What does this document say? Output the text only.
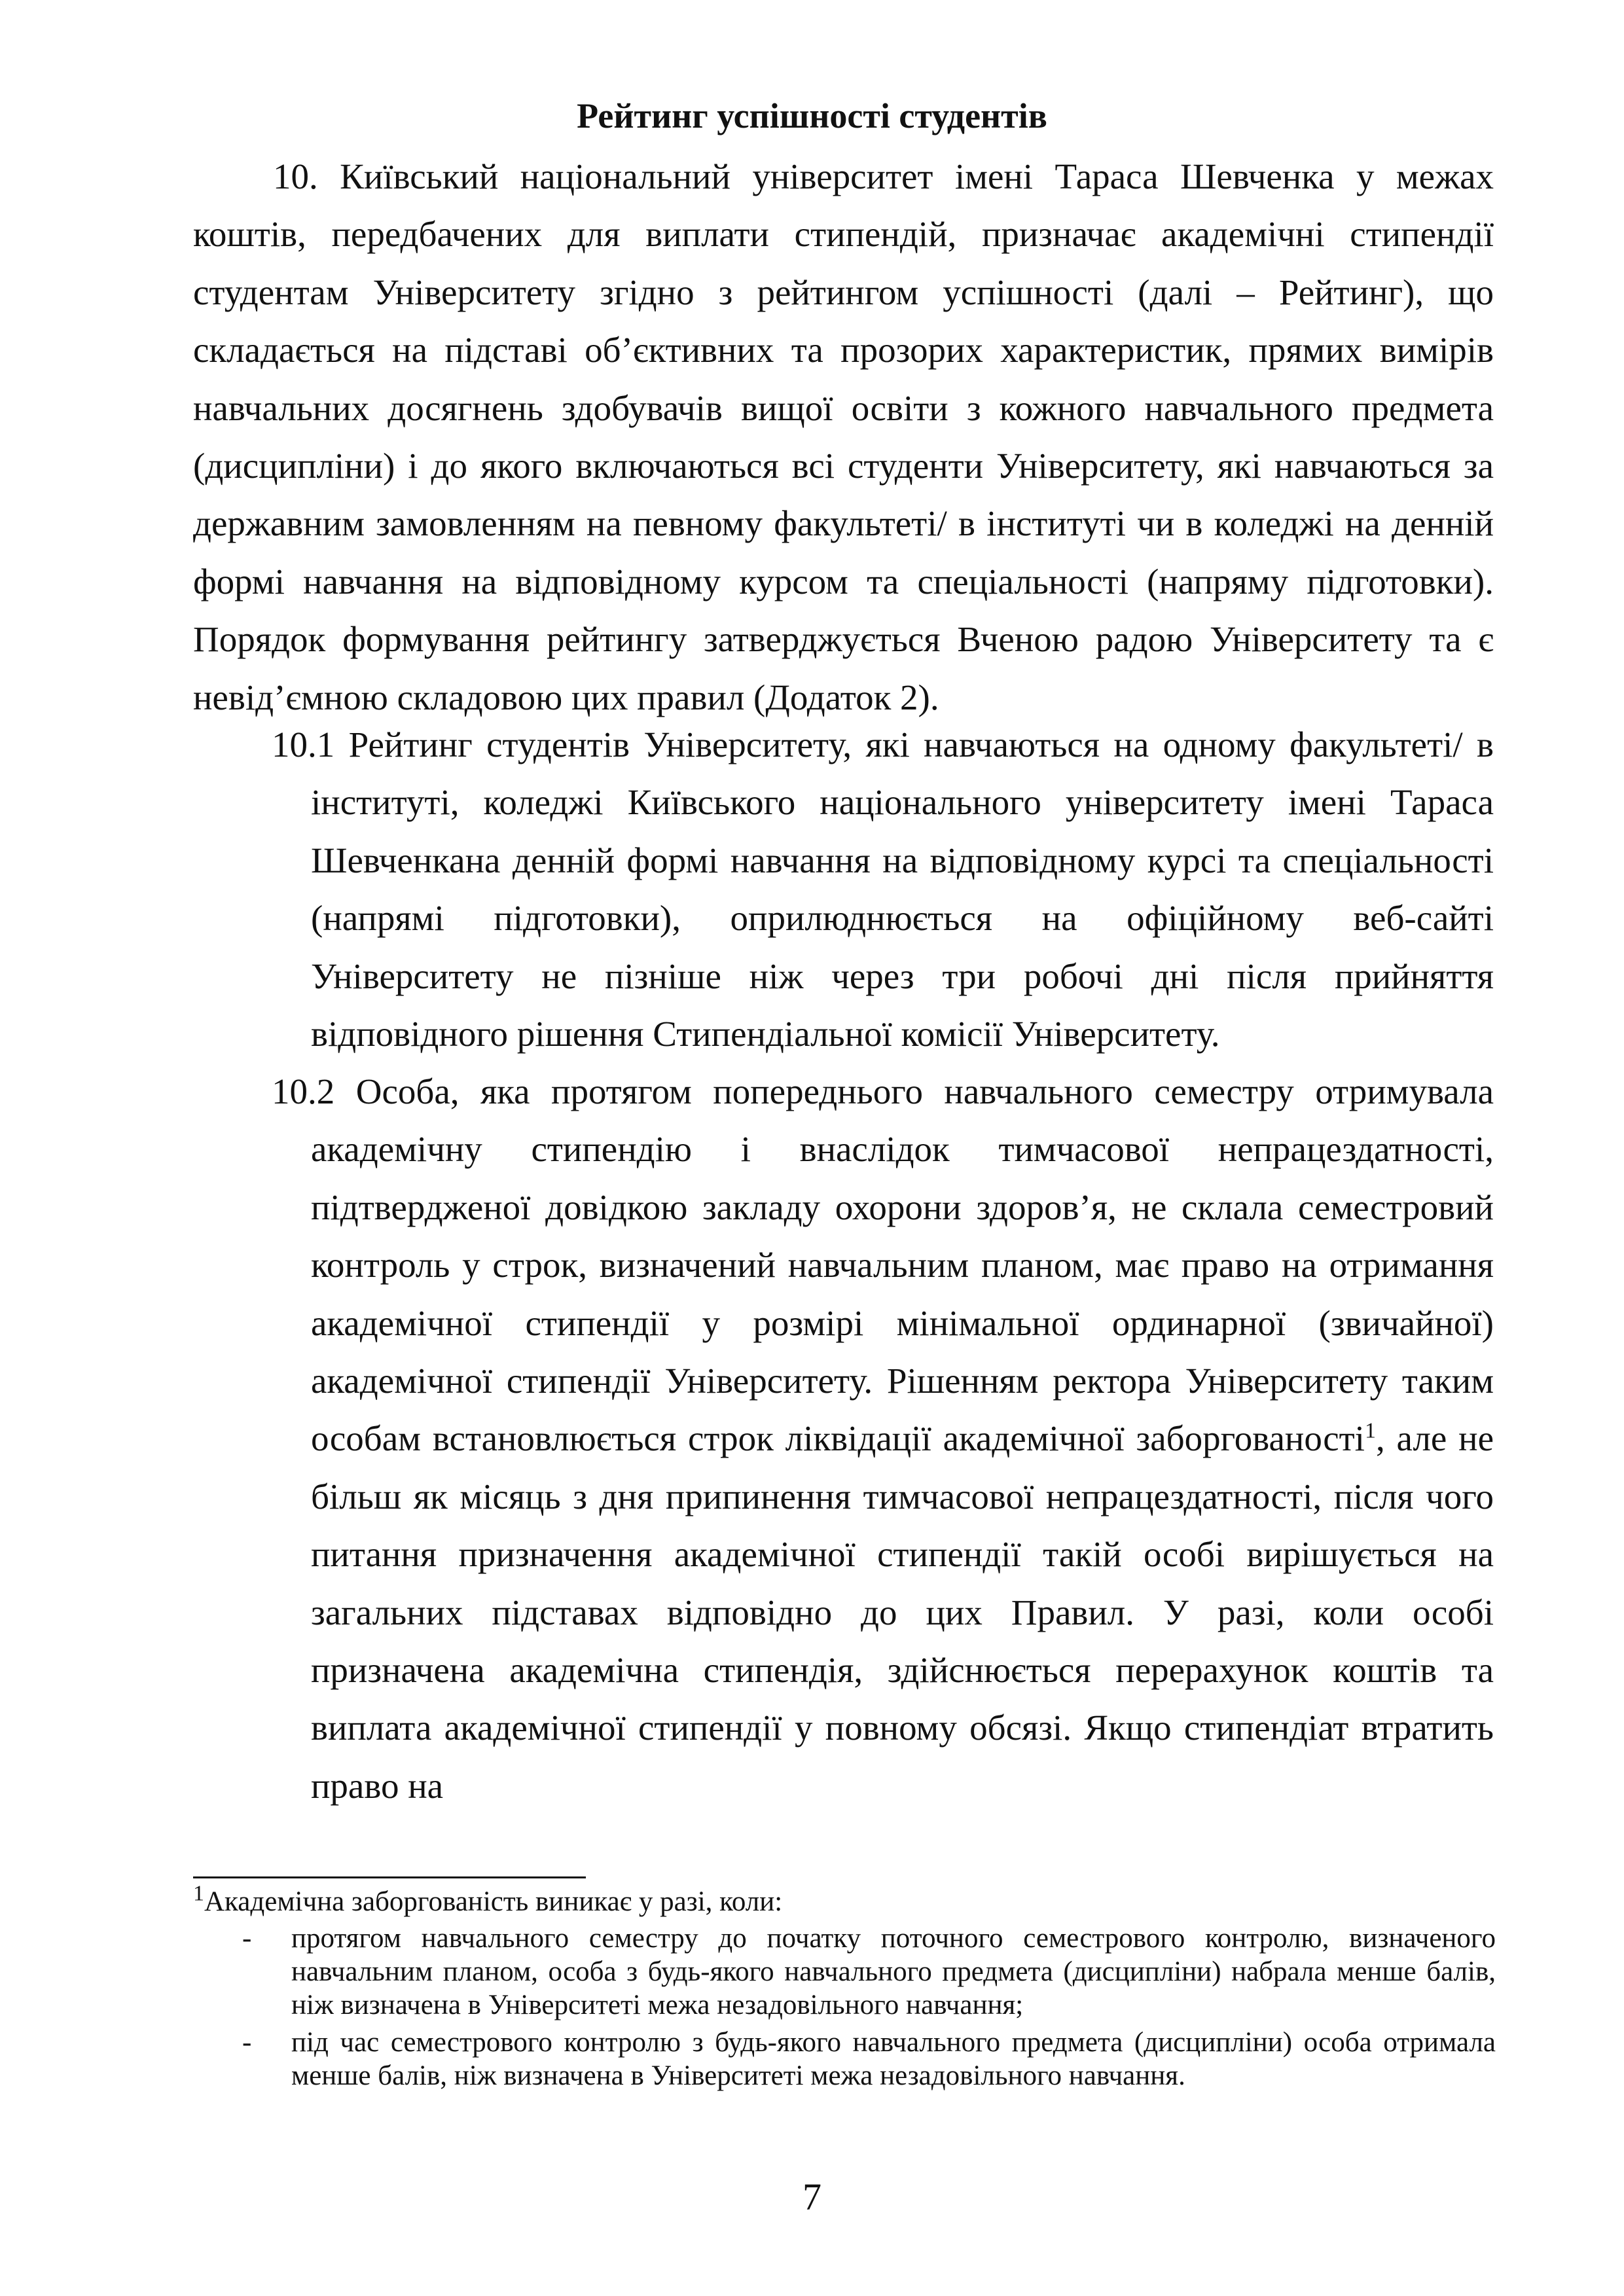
Рейтинг успішності студентів

10. Київський національний університет імені Тараса Шевченка у межах коштів, передбачених для виплати стипендій, призначає академічні стипендії студентам Університету згідно з рейтингом успішності (далі – Рейтинг), що складається на підставі об’єктивних та прозорих характеристик, прямих вимірів навчальних досягнень здобувачів вищої освіти з кожного навчального предмета (дисципліни) і до якого включаються всі студенти Університету, які навчаються за державним замовленням на певному факультеті/ в інституті чи в коледжі на денній формі навчання на відповідному курсом та спеціальності (напряму підготовки). Порядок формування рейтингу затверджується Вченою радою Університету та є невід’ємною складовою цих правил (Додаток 2).

10.1 Рейтинг студентів Університету, які навчаються на одному факультеті/ в інституті, коледжі Київського національного університету імені Тараса Шевченкана денній формі навчання на відповідному курсі та спеціальності (напрямі підготовки), оприлюднюється на офіційному веб-сайті Університету не пізніше ніж через три робочі дні після прийняття відповідного рішення Стипендіальної комісії Університету.

10.2 Особа, яка протягом попереднього навчального семестру отримувала академічну стипендію і внаслідок тимчасової непрацездатності, підтвердженої довідкою закладу охорони здоров’я, не склала семестровий контроль у строк, визначений навчальним планом, має право на отримання академічної стипендії у розмірі мінімальної ординарної (звичайної) академічної стипендії Університету. Рішенням ректора Університету таким особам встановлюється строк ліквідації академічної заборгованості$^1$, але не більш як місяць з дня припинення тимчасової непрацездатності, після чого питання призначення академічної стипендії такій особі вирішується на загальних підставах відповідно до цих Правил. У разі, коли особі призначена академічна стипендія, здійснюється перерахунок коштів та виплата академічної стипендії у повному обсязі. Якщо стипендіат втратить право на

$^1$Академічна заборгованість виникає у разі, коли:
- протягом навчального семестру до початку поточного семестрового контролю, визначеного навчальним планом, особа з будь-якого навчального предмета (дисципліни) набрала менше балів, ніж визначена в Університеті межа незадовільного навчання;
- під час семестрового контролю з будь-якого навчального предмета (дисципліни) особа отримала менше балів, ніж визначена в Університеті межа незадовільного навчання.
7
